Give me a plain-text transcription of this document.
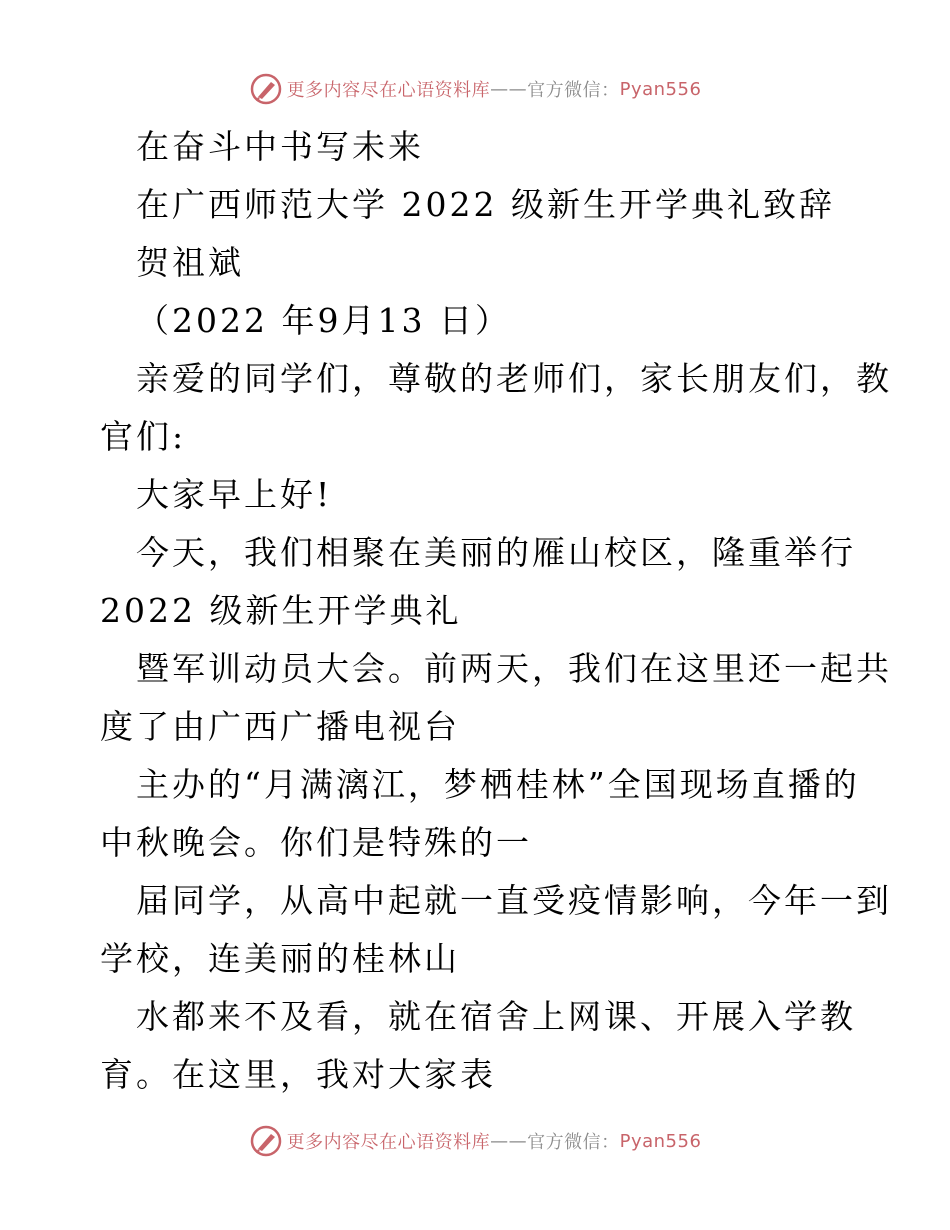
更多内容尽在心语资料库 —— 官方微信： Pyan556
在奋斗中书写未来
在广西师范大学 2022 级新生开学典礼致辞
贺祖斌
（2022 年9月13 日）
亲爱的同学们，尊敬的老师们，家长朋友们，教
官们:
大家早上好!
今天，我们相聚在美丽的雁山校区，隆重举行
2022 级新生开学典礼
暨军训动员大会。前两天，我们在这里还一起共
度了由广西广播电视台
主办的“月满漓江，梦栖桂林”全国现场直播的
中秋晚会。你们是特殊的一
届同学，从高中起就一直受疫情影响，今年一到
学校，连美丽的桂林山
水都来不及看，就在宿舍上网课、开展入学教
育。在这里，我对大家表
更多内容尽在心语资料库 —— 官方微信： Pyan556
